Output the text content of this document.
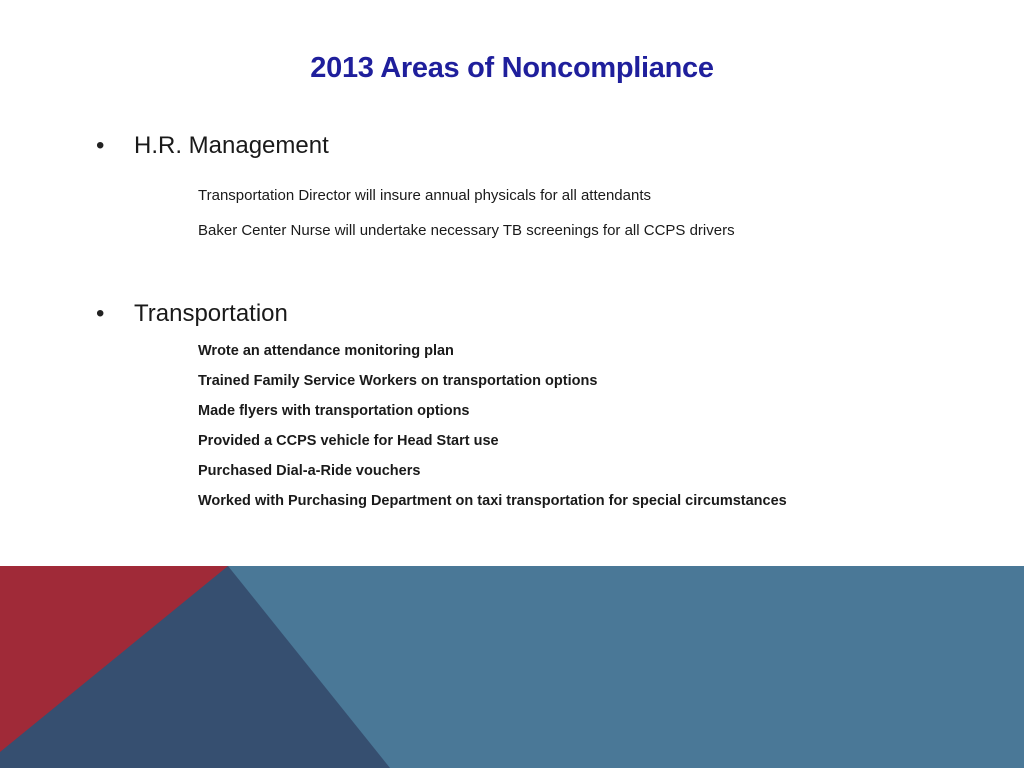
2013 Areas of Noncompliance
• H.R. Management
Transportation Director will insure annual physicals for all attendants
Baker Center Nurse will undertake necessary TB screenings for all CCPS drivers
• Transportation
Wrote an attendance monitoring plan
Trained Family Service Workers on transportation options
Made flyers with transportation options
Provided a CCPS vehicle for Head Start use
Purchased Dial-a-Ride vouchers
Worked with Purchasing Department on taxi transportation for special circumstances
